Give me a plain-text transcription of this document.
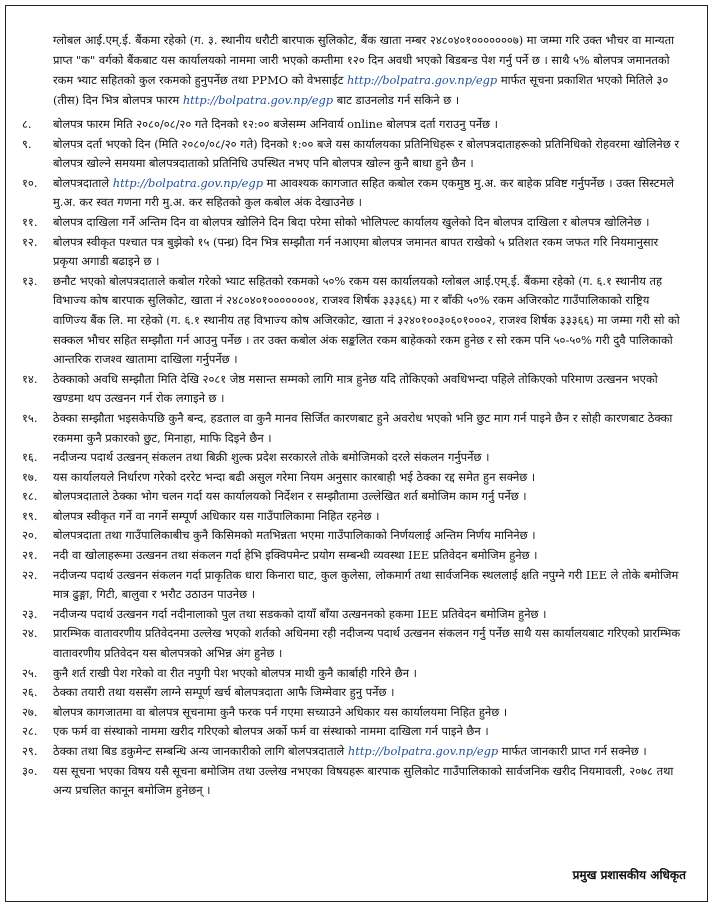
ग्लोबल आई.एम्.ई. बैंकमा रहेको (ग. ३. स्थानीय धरौटी बारपाक सुलिकोट, बैंक खाता नम्बर २४८०४०१०००००००७) मा जम्मा गरि उक्त भौचर वा मान्यता प्राप्त "क" वर्गको बैंकबाट यस कार्यालयको नाममा जारी भएको कम्तीमा १२० दिन अवधी भएको बिडबन्ड पेश गर्नु पर्ने छ । साथै ५% बोलपत्र जमानतको रकम भ्याट सहितको कुल रकमको हुनुपर्नेछ तथा PPMO को वेभसाईट http://bolpatra.gov.np/egp मार्फत सूचना प्रकाशित भएको मितिले ३० (तीस) दिन भित्र बोलपत्र फारम http://bolpatra.gov.np/egp बाट डाउनलोड गर्न सकिने छ ।
८.	बोलपत्र फारम मिति २०८०/०८/२० गते दिनको १२:०० बजेसम्म अनिवार्य online बोलपत्र दर्ता गराउनु पर्नेछ ।
९.	बोलपत्र दर्ता भएको दिन (मिति २०८०/०८/२० गते) दिनको १:०० बजे यस कार्यालयका प्रतिनिधिहरू र बोलपत्रदाताहरूको प्रतिनिधिको रोहवरमा खोलिनेछ र बोलपत्र खोल्ने समयमा बोलपत्रदाताको प्रतिनिधि उपस्थित नभए पनि बोलपत्र खोल्न कुनै बाधा हुने छैन ।
१०.	बोलपत्रदाताले http://bolpatra.gov.np/egp मा आवश्यक कागजात सहित कबोल रकम एकमुष्ठ मु.अ. कर बाहेक प्रविष्ट गर्नुपर्नेछ । उक्त सिस्टमले मु.अ. कर स्वत गणना गरी मु.अ. कर सहितको कुल कबोल अंक देखाउनेछ ।
११.	बोलपत्र दाखिला गर्ने अन्तिम दिन वा बोलपत्र खोलिने दिन बिदा परेमा सोको भोलिपल्ट कार्यालय खुलेको दिन बोलपत्र दाखिला र बोलपत्र खोलिनेछ ।
१२.	बोलपत्र स्वीकृत पश्चात पत्र बुझेको १५ (पन्ध्र) दिन भित्र सम्झौता गर्न नआएमा बोलपत्र जमानत बापत राखेको ५ प्रतिशत रकम जफत गरि नियमानुसार प्रकृया अगाडी बढाइने छ ।
१३.	छनौट भएको बोलपत्रदाताले कबोल गरेको भ्याट सहितको रकमको ५०% रकम यस कार्यालयको ग्लोबल आई.एम्.ई. बैंकमा रहेको (ग. ६.१ स्थानीय तह विभाज्य कोष बारपाक सुलिकोट, खाता नं २४८०४०१०००००००४, राजश्व शिर्षक ३३३६६) मा र बाँकी ५०% रकम अजिरकोट गाउँपालिकाको राष्ट्रिय वाणिज्य बैंक लि. मा रहेको (ग. ६.१ स्थानीय तह विभाज्य कोष अजिरकोट, खाता नं ३२४०१००३०६०१०००२, राजश्व शिर्षक ३३३६६) मा जम्मा गरी सो को सक्कल भौचर सहित सम्झौता गर्न आउनु पर्नेछ । तर उक्त कबोल अंक सङ्कलित रकम बाहेकको रकम हुनेछ र सो रकम पनि ५०-५०% गरी दुवै पालिकाको आन्तरिक राजश्व खातामा दाखिला गर्नुपर्नेछ ।
१४.	ठेक्काको अवधि सम्झौता मिति देखि २०८१ जेष्ठ मसान्त सम्मको लागि मात्र हुनेछ यदि तोकिएको अवधिभन्दा पहिले तोकिएको परिमाण उत्खनन भएको खण्डमा थप उत्खनन गर्न रोक लगाइने छ ।
१५.	ठेक्का सम्झौता भइसकेपछि कुनै बन्द, हडताल वा कुनै मानव सिर्जित कारणबाट हुने अवरोध भएको भनि छुट माग गर्न पाइने छैन र सोही कारणबाट ठेक्का रकममा कुनै प्रकारको छुट, मिनाहा, माफि दिइने छैन ।
१६.	नदीजन्य पदार्थ उत्खनन् संकलन तथा बिक्री शुल्क प्रदेश सरकारले तोके बमोजिमको दरले संकलन गर्नुपर्नेछ ।
१७.	यस कार्यालयले निर्धारण गरेको दररेट भन्दा बढी असुल गरेमा नियम अनुसार कारबाही भई ठेक्का रद्द समेत हुन सक्नेछ ।
१८.	बोलपत्रदाताले ठेक्का भोग चलन गर्दा यस कार्यालयको निर्देशन र सम्झौतामा उल्लेखित शर्त बमोजिम काम गर्नु पर्नेछ ।
१९.	बोलपत्र स्वीकृत गर्ने वा नगर्ने सम्पूर्ण अधिकार यस गाउँपालिकामा निहित रहनेछ ।
२०.	बोलपत्रदाता तथा गाउँपालिकाबीच कुनै किसिमको मतभिन्नता भएमा गाउँपालिकाको निर्णयलाई अन्तिम निर्णय मानिनेछ ।
२१.	नदी वा खोलाहरूमा उत्खनन तथा संकलन गर्दा हेभि इक्विपमेन्ट प्रयोग सम्बन्धी व्यवस्था IEE प्रतिवेदन बमोजिम हुनेछ ।
२२.	नदीजन्य पदार्थ उत्खनन संकलन गर्दा प्राकृतिक धारा किनारा घाट, कुल कुलेसा, लोकमार्ग तथा सार्वजनिक स्थललाई क्षति नपुग्ने गरी IEE ले तोके बमोजिम मात्र ढुङ्गा, गिटी, बालुवा र भरौट उठाउन पाउनेछ ।
२३.	नदीजन्य पदार्थ उत्खनन गर्दा नदीनालाको पुल तथा सडकको दायाँ बाँया उत्खननको हकमा IEE प्रतिवेदन बमोजिम हुनेछ ।
२४.	प्रारम्भिक वातावरणीय प्रतिवेदनमा उल्लेख भएको शर्तको अधिनमा रही नदीजन्य पदार्थ उत्खनन संकलन गर्नु पर्नेछ साथै यस कार्यालयबाट गरिएको प्रारम्भिक वातावरणीय प्रतिवेदन यस बोलपत्रको अभिन्न अंग हुनेछ ।
२५.	कुनै शर्त राखी पेश गरेको वा रीत नपुगी पेश भएको बोलपत्र माथी कुनै कार्बाही गरिने छैन ।
२६.	ठेक्का तयारी तथा यससँग लाग्ने सम्पूर्ण खर्च बोलपत्रदाता आफै जिम्मेवार हुनु पर्नेछ ।
२७.	बोलपत्र कागजातमा वा बोलपत्र सूचनामा कुनै फरक पर्न गएमा सच्याउने अधिकार यस कार्यालयमा निहित हुनेछ ।
२८.	एक फर्म वा संस्थाको नाममा खरीद गरिएको बोलपत्र अर्को फर्म वा संस्थाको नाममा दाखिला गर्न पाइने छैन ।
२९.	ठेक्का तथा बिड डकुमेन्ट सम्बन्धि अन्य जानकारीको लागि बोलपत्रदाताले http://bolpatra.gov.np/egp मार्फत जानकारी प्राप्त गर्न सक्नेछ ।
३०.	यस सूचना भएका विषय यसै सूचना बमोजिम तथा उल्लेख नभएका विषयहरू बारपाक सुलिकोट गाउँपालिकाको सार्वजनिक खरीद नियमावली, २०७८ तथा अन्य प्रचलित कानून बमोजिम हुनेछन् ।
प्रमुख प्रशासकीय अधिकृत
